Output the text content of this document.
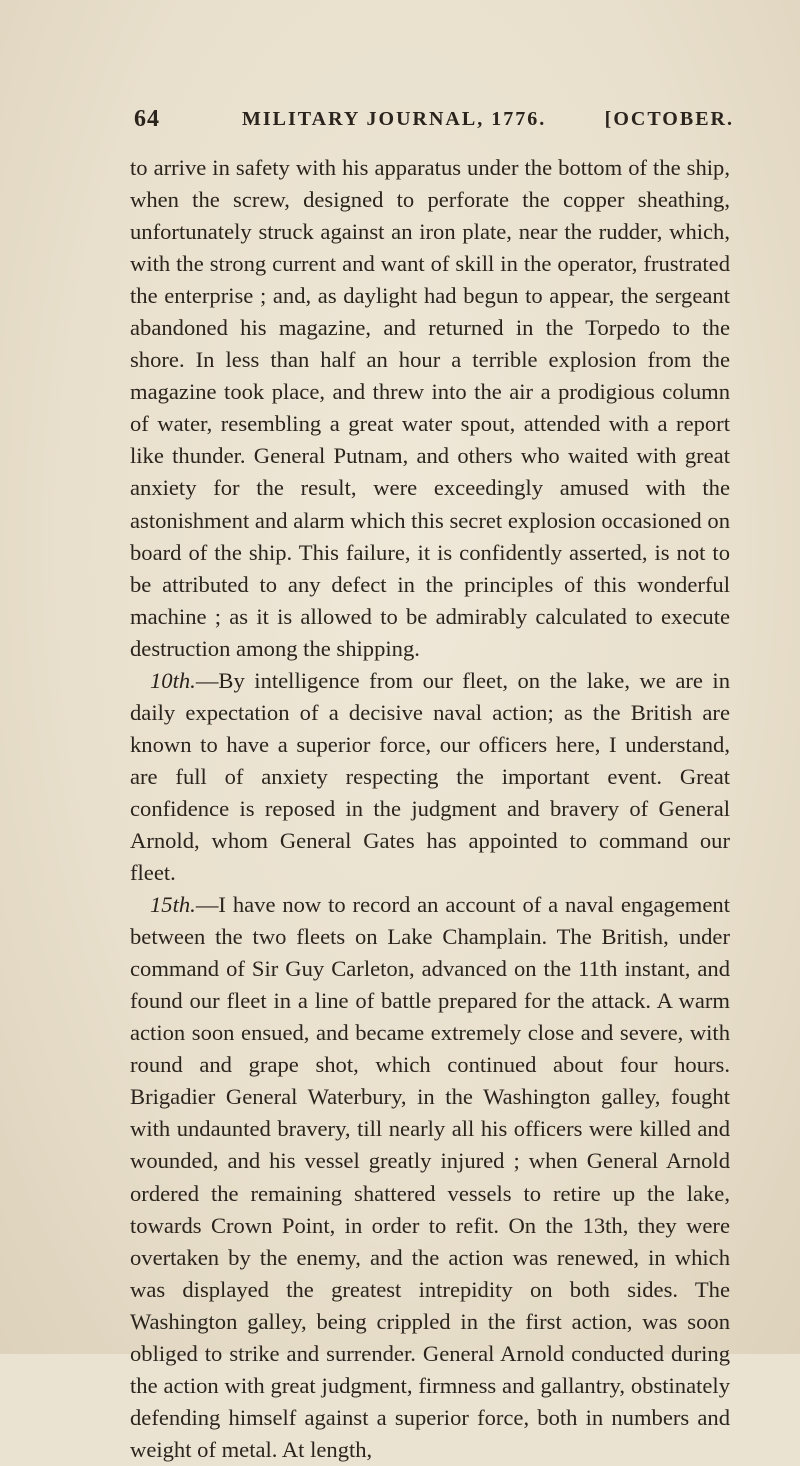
64	MILITARY JOURNAL, 1776.	[OCTOBER.

to arrive in safety with his apparatus under the bottom of the ship, when the screw, designed to perforate the copper sheathing, unfortunately struck against an iron plate, near the rudder, which, with the strong current and want of skill in the operator, frustrated the enterprise ; and, as daylight had begun to appear, the sergeant abandoned his magazine, and returned in the Torpedo to the shore. In less than half an hour a terrible explosion from the magazine took place, and threw into the air a prodigious column of water, resembling a great water spout, attended with a report like thunder. General Putnam, and others who waited with great anxiety for the result, were exceedingly amused with the astonishment and alarm which this secret explosion occasioned on board of the ship. This failure, it is confidently asserted, is not to be attributed to any defect in the principles of this wonderful machine ; as it is allowed to be admirably calculated to execute destruction among the shipping.

10th.—By intelligence from our fleet, on the lake, we are in daily expectation of a decisive naval action; as the British are known to have a superior force, our officers here, I understand, are full of anxiety respecting the important event. Great confidence is reposed in the judgment and bravery of General Arnold, whom General Gates has appointed to command our fleet.

15th.—I have now to record an account of a naval engagement between the two fleets on Lake Champlain. The British, under command of Sir Guy Carleton, advanced on the 11th instant, and found our fleet in a line of battle prepared for the attack. A warm action soon ensued, and became extremely close and severe, with round and grape shot, which continued about four hours. Brigadier General Waterbury, in the Washington galley, fought with undaunted bravery, till nearly all his officers were killed and wounded, and his vessel greatly injured ; when General Arnold ordered the remaining shattered vessels to retire up the lake, towards Crown Point, in order to refit. On the 13th, they were overtaken by the enemy, and the action was renewed, in which was displayed the greatest intrepidity on both sides. The Washington galley, being crippled in the first action, was soon obliged to strike and surrender. General Arnold conducted during the action with great judgment, firmness and gallantry, obstinately defending himself against a superior force, both in numbers and weight of metal. At length,
